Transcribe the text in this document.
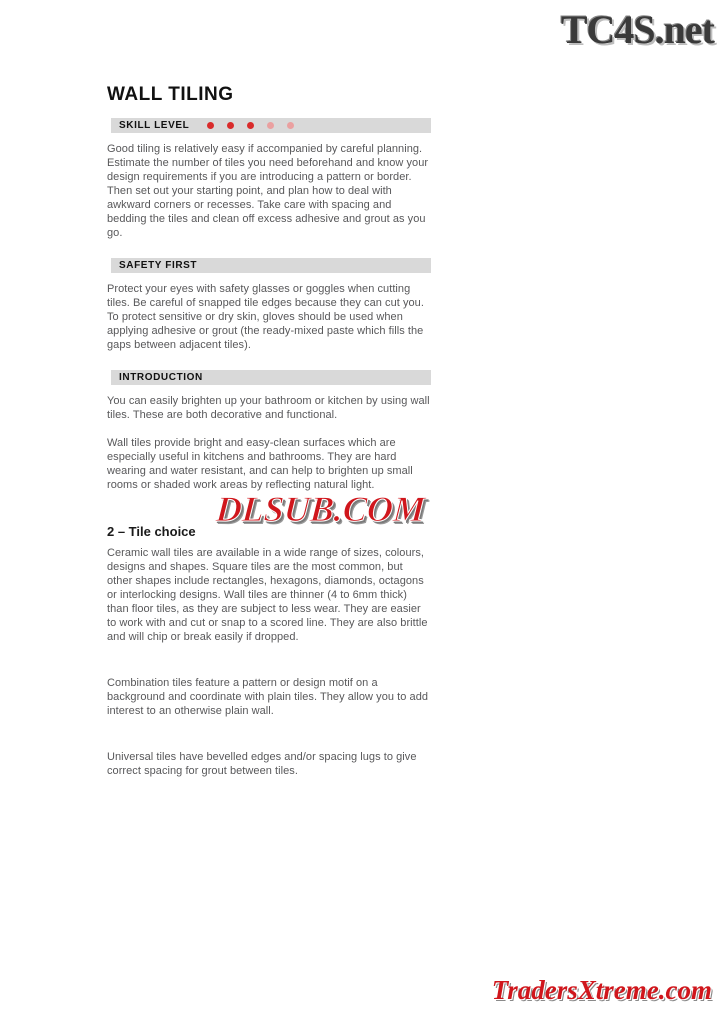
TC4S.net
WALL TILING
SKILL LEVEL

Good tiling is relatively easy if accompanied by careful planning. Estimate the number of tiles you need beforehand and know your design requirements if you are introducing a pattern or border. Then set out your starting point, and plan how to deal with awkward corners or recesses. Take care with spacing and bedding the tiles and clean off excess adhesive and grout as you go.

SAFETY FIRST

Protect your eyes with safety glasses or goggles when cutting tiles. Be careful of snapped tile edges because they can cut you. To protect sensitive or dry skin, gloves should be used when applying adhesive or grout (the ready-mixed paste which fills the gaps between adjacent tiles).

INTRODUCTION

You can easily brighten up your bathroom or kitchen by using wall tiles. These are both decorative and functional.

Wall tiles provide bright and easy-clean surfaces which are especially useful in kitchens and bathrooms. They are hard wearing and water resistant, and can help to brighten up small rooms or shaded work areas by reflecting natural light.

2 – Tile choice

Ceramic wall tiles are available in a wide range of sizes, colours, designs and shapes. Square tiles are the most common, but other shapes include rectangles, hexagons, diamonds, octagons or interlocking designs. Wall tiles are thinner (4 to 6mm thick) than floor tiles, as they are subject to less wear. They are easier to work with and cut or snap to a scored line. They are also brittle and will chip or break easily if dropped.

Combination tiles feature a pattern or design motif on a background and coordinate with plain tiles. They allow you to add interest to an otherwise plain wall.

Universal tiles have bevelled edges and/or spacing lugs to give correct spacing for grout between tiles.

DLSUB.COM
TradersXtreme.com
